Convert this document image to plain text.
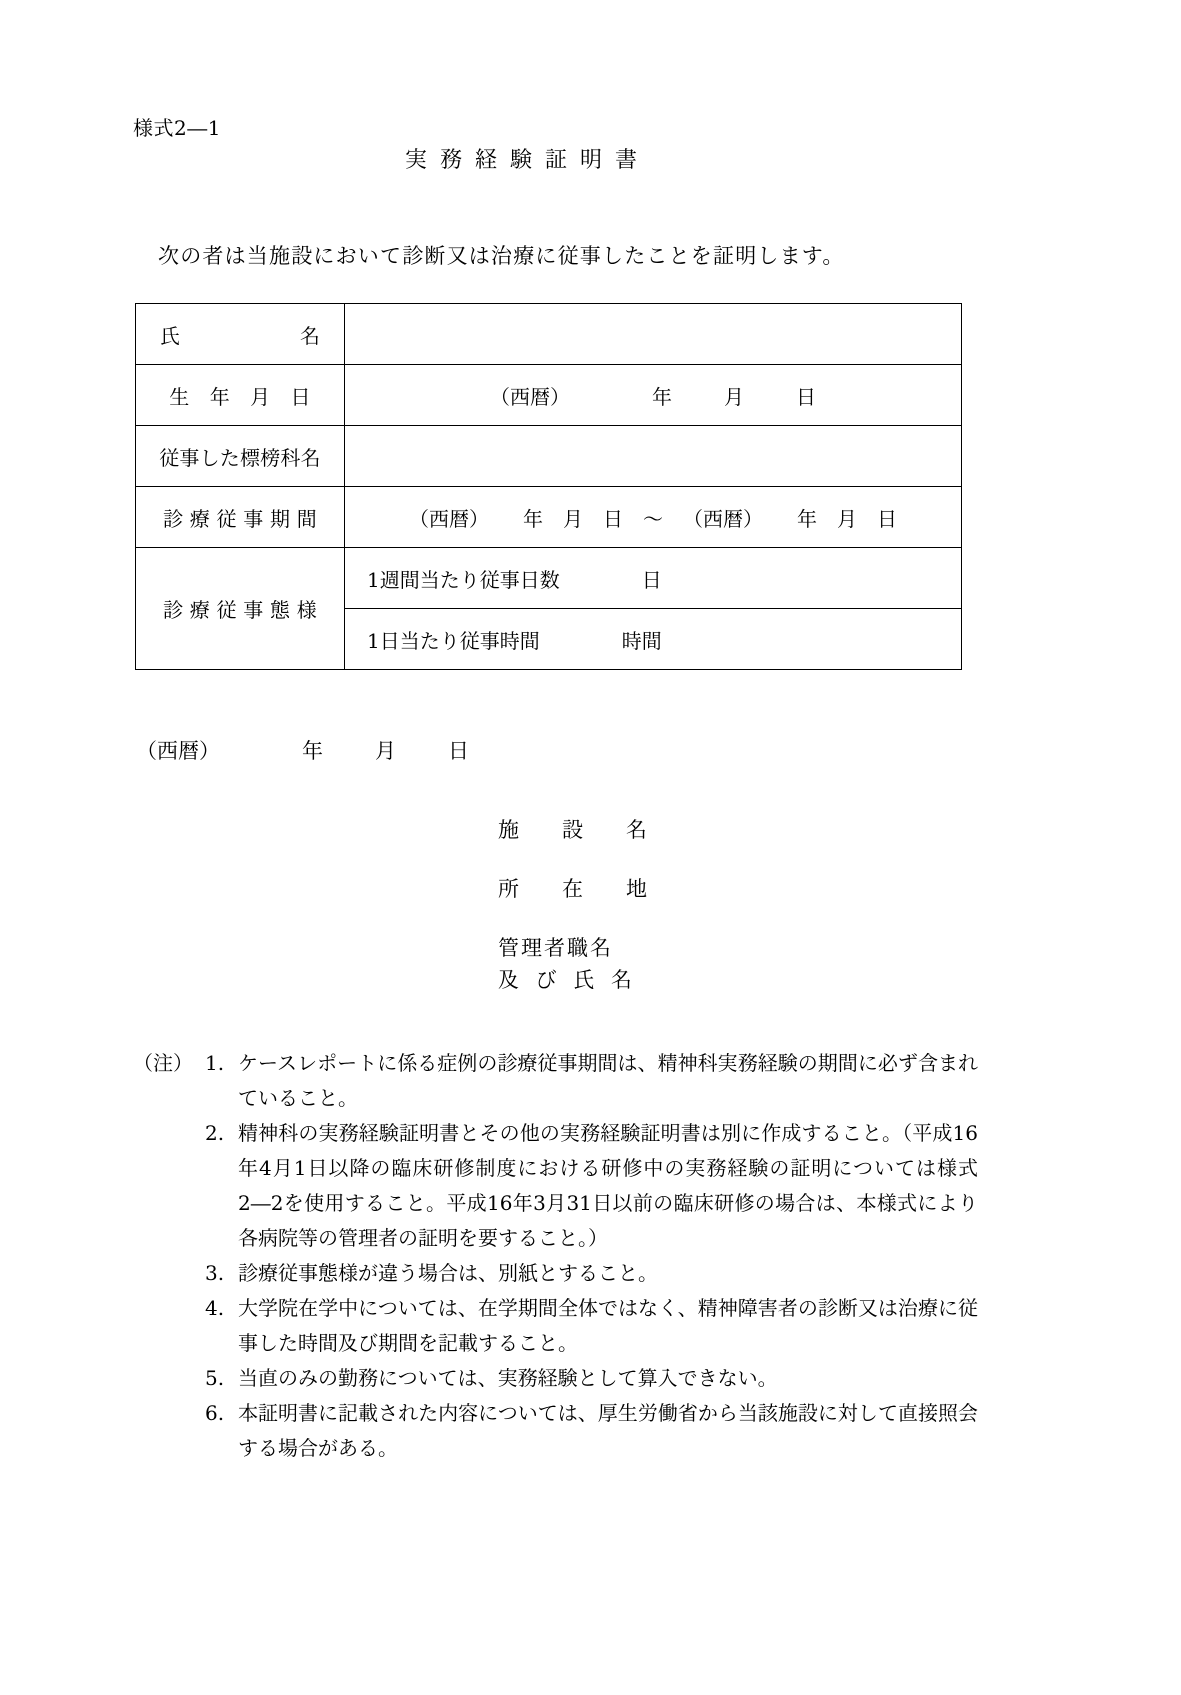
様式2―1
実務経験証明書
次の者は当施設において診断又は治療に従事したことを証明します。
氏　　　　　　名	
生　年　月　日	（西暦） 年 月 日

従事した標榜科名	
診 療 従 事 期 間	（西暦） 年 月 日 〜 （西暦） 年 月 日

診 療 従 事 態 様	1週間当たり従事日数 日

	1日当たり従事時間 時間
（西暦）	年 月 日
施　設　名
所　在　地
管理者職名
及 び 氏 名
（注） 1. ケースレポートに係る症例の診療従事期間は、精神科実務経験の期間に必ず含まれていること。
2. 精神科の実務経験証明書とその他の実務経験証明書は別に作成すること。（平成16年4月1日以降の臨床研修制度における研修中の実務経験の証明については様式2―2を使用すること。平成16年3月31日以前の臨床研修の場合は、本様式により各病院等の管理者の証明を要すること。）
3. 診療従事態様が違う場合は、別紙とすること。
4. 大学院在学中については、在学期間全体ではなく、精神障害者の診断又は治療に従事した時間及び期間を記載すること。
5. 当直のみの勤務については、実務経験として算入できない。
6. 本証明書に記載された内容については、厚生労働省から当該施設に対して直接照会する場合がある。
